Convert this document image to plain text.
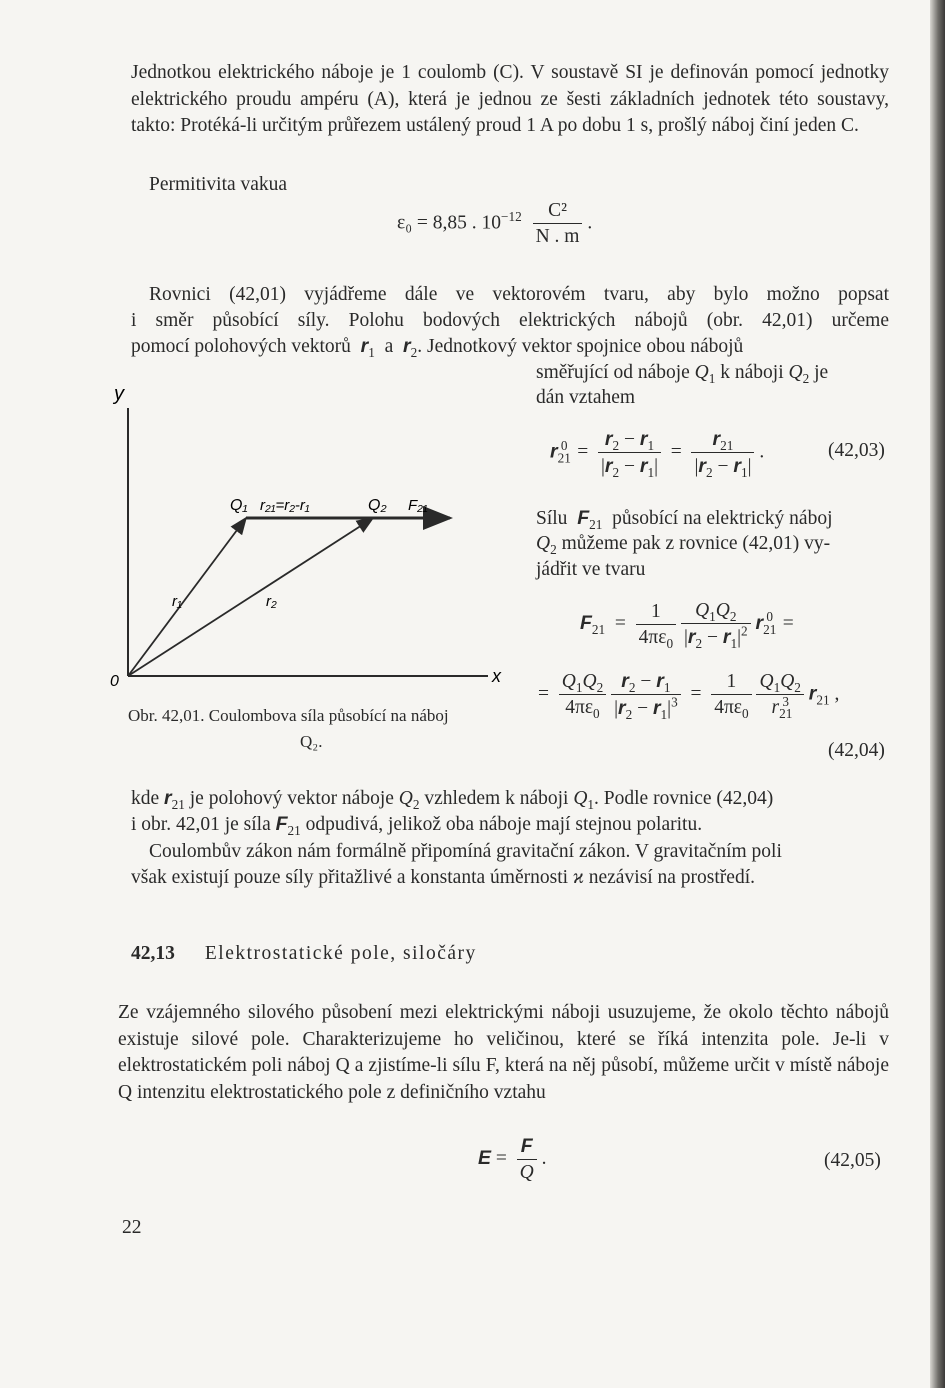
Jednotkou elektrického náboje je 1 coulomb (C). V soustavě SI je definován pomocí jednotky elektrického proudu ampéru (A), která je jednou ze šesti základních jednotek této soustavy, takto: Protéká-li určitým průřezem ustálený proud 1 A po dobu 1 s, prošlý náboj činí jeden C.

Permitivita vakua

ε₀ = 8,85 . $10^{-12} \frac{\text{C²}}{N . m}$ .

Rovnici (42,01) vyjádřeme dále ve vektorovém tvaru, aby bylo možno popsat

i směr působící síly. Polohu bodových elektrických nábojů (obr. 42,01) určeme

pomocí polohových vektorů $r_1$ a $r_2$. Jednotkový vektor spojnice obou nábojů

směřující od náboje $Q_1$ k náboji $Q_2$ je

dán vztahem

$r_{21}^0 = \frac{r_2 - r_1}{|r_2 - r_1|} = \frac{r_{21}}{|r_2 - r_1|}$ .	(42,03)

Sílu $F_{21}$ působící na elektrický náboj

$Q_2$ můžeme pak z rovnice (42,01) vy-

jádřit ve tvaru

$F_{21} = \frac{1}{4\pi\varepsilon_0}$
$\frac{Q_1Q_2}{|r_2 - r_1|^2} r_{21}^0$  =
= $\frac{Q_1Q_2}{4\pi\varepsilon_0}$
$\frac{r_2 - r_1}{|r_2 - r_1|^3} = \frac{1}{4\pi\varepsilon_0}$
$\frac{Q_1Q_2}{r_{21}^3} r_{21}$ ,
(42,04)
y
x
0
Q₁ r₂₁=r₂-r₁	Q₂ F₂₁
r₁	r₂
Obr. 42,01. Coulombova síla působící na náboj
Q₂.

kde $r_{21}$ je polohový vektor náboje $Q_2$ vzhledem k náboji $Q_1$. Podle rovnice (42,04)

i obr. 42,01 je síla $F_{21}$ odpudivá, jelikož oba náboje mají stejnou polaritu.

Coulombův zákon nám formálně připomíná gravitační zákon. V gravitačním poli

však existují pouze síly přitažlivé a konstanta úměrnosti ϰ nezávisí na prostředí.

42,13 Elektrostatické pole, siločáry

Ze vzájemného silového působení mezi elektrickými náboji usuzujeme, že okolo těchto nábojů existuje silové pole. Charakterizujeme ho veličinou, které se říká intenzita pole. Je-li v elektrostatickém poli náboj Q a zjistíme-li sílu F, která na něj působí, můžeme určit v místě náboje Q intenzitu elektrostatického pole z definičního vztahu

$E = \frac{F}{Q}$ .	(42,05)
22
